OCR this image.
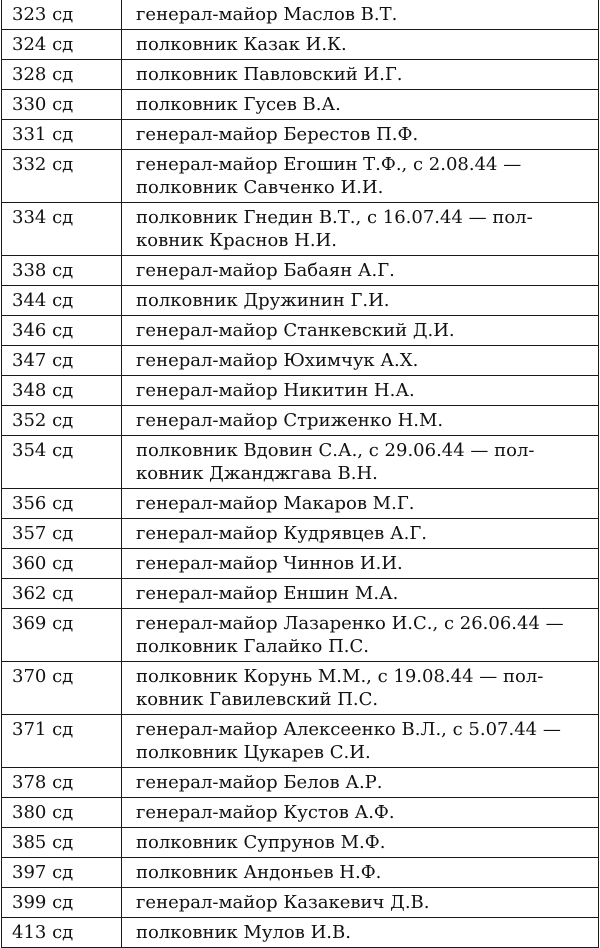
323 сд	генерал-майор Маслов В.Т.

324 сд	полковник Казак И.К.

328 сд	полковник Павловский И.Г.

330 сд	полковник Гусев В.А.

331 сд	генерал-майор Берестов П.Ф.

332 сд	генерал-майор Егошин Т.Ф., с 2.08.44 —
полковник Савченко И.И.

334 сд	полковник Гнедин В.Т., с 16.07.44 — пол-
ковник Краснов Н.И.

338 сд	генерал-майор Бабаян А.Г.

344 сд	полковник Дружинин Г.И.

346 сд	генерал-майор Станкевский Д.И.

347 сд	генерал-майор Юхимчук А.Х.

348 сд	генерал-майор Никитин Н.А.

352 сд	генерал-майор Стриженко Н.М.

354 сд	полковник Вдовин С.А., с 29.06.44 — пол-
ковник Джанджгава В.Н.

356 сд	генерал-майор Макаров М.Г.

357 сд	генерал-майор Кудрявцев А.Г.

360 сд	генерал-майор Чиннов И.И.

362 сд	генерал-майор Еншин М.А.

369 сд	генерал-майор Лазаренко И.С., с 26.06.44 —
полковник Галайко П.С.

370 сд	полковник Корунь М.М., с 19.08.44 — пол-
ковник Гавилевский П.С.

371 сд	генерал-майор Алексеенко В.Л., с 5.07.44 —
полковник Цукарев С.И.

378 сд	генерал-майор Белов А.Р.

380 сд	генерал-майор Кустов А.Ф.

385 сд	полковник Супрунов М.Ф.

397 сд	полковник Андоньев Н.Ф.

399 сд	генерал-майор Казакевич Д.В.

413 сд	полковник Мулов И.В.
